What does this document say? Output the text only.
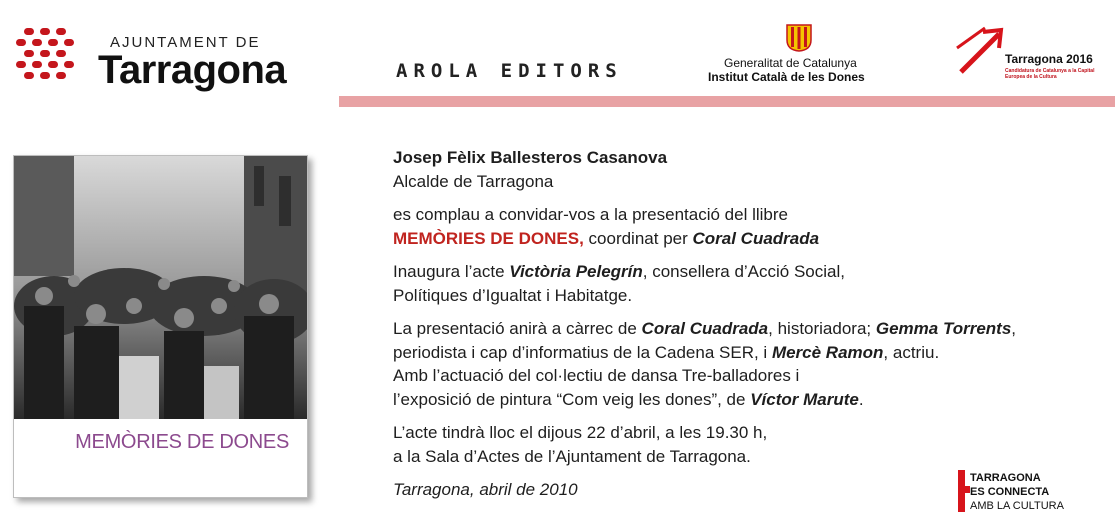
AJUNTAMENT DE
Tarragona	AROLA EDITORS	Generalitat de Catalunya
Institut Català de les Dones
Tarragona 2016
Candidatura de Catalunya a la Capital Europea de la Cultura
MEMÒRIES DE DONES

Josep Fèlix Ballesteros Casanova

Alcalde de Tarragona

es complau a convidar-vos a la presentació del llibre

MEMÒRIES DE DONES, coordinat per Coral Cuadrada

Inaugura l’acte Victòria Pelegrín, consellera d’Acció Social,

Polítiques d’Igualtat i Habitatge.

La presentació anirà a càrrec de Coral Cuadrada, historiadora; Gemma Torrents,

periodista i cap d’informatius de la Cadena SER, i Mercè Ramon, actriu.

Amb l’actuació del col·lectiu de dansa Tre-balladores i

l’exposició de pintura “Com veig les dones”, de Víctor Marute.

L’acte tindrà lloc el dijous 22 d’abril, a les 19.30 h,

a la Sala d’Actes de l’Ajuntament de Tarragona.

Tarragona, abril de 2010

TARRAGONA
ES CONNECTA
AMB LA CULTURA
